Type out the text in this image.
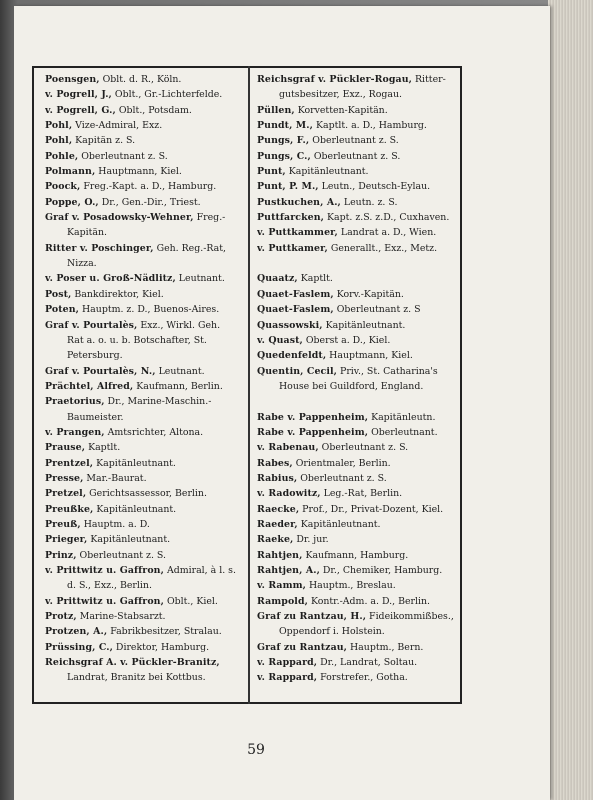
Poensgen, Oblt. d. R., Köln.
v. Pogrell, J., Oblt., Gr.-Lichterfelde.
v. Pogrell, G., Oblt., Potsdam.
Pohl, Vize-Admiral, Exz.
Pohl, Kapitän z. S.
Pohle, Oberleutnant z. S.
Polmann, Hauptmann, Kiel.
Poock, Freg.-Kapt. a. D., Hamburg.
Poppe, O., Dr., Gen.-Dir., Triest.
Graf v. Posadowsky-Wehner, Freg.-
Kapitän.
Ritter v. Poschinger, Geh. Reg.-Rat,
Nizza.
v. Poser u. Groß-Nädlitz, Leutnant.
Post, Bankdirektor, Kiel.
Poten, Hauptm. z. D., Buenos-Aires.
Graf v. Pourtalès, Exz., Wirkl. Geh.
Rat a. o. u. b. Botschafter, St.
Petersburg.
Graf v. Pourtalès, N., Leutnant.
Prächtel, Alfred, Kaufmann, Berlin.
Praetorius, Dr., Marine-Maschin.-
Baumeister.
v. Prangen, Amtsrichter, Altona.
Prause, Kaptlt.
Prentzel, Kapitänleutnant.
Presse, Mar.-Baurat.
Pretzel, Gerichtsassessor, Berlin.
Preußke, Kapitänleutnant.
Preuß, Hauptm. a. D.
Prieger, Kapitänleutnant.
Prinz, Oberleutnant z. S.
v. Prittwitz u. Gaffron, Admiral, à l. s.
d. S., Exz., Berlin.
v. Prittwitz u. Gaffron, Oblt., Kiel.
Protz, Marine-Stabsarzt.
Protzen, A., Fabrikbesitzer, Stralau.
Prüssing, C., Direktor, Hamburg.
Reichsgraf A. v. Pückler-Branitz,
Landrat, Branitz bei Kottbus.
Reichsgraf v. Pückler-Rogau, Ritter-
gutsbesitzer, Exz., Rogau.
Püllen, Korvetten-Kapitän.
Pundt, M., Kaptlt. a. D., Hamburg.
Pungs, F., Oberleutnant z. S.
Pungs, C., Oberleutnant z. S.
Punt, Kapitänleutnant.
Punt, P. M., Leutn., Deutsch-Eylau.
Pustkuchen, A., Leutn. z. S.
Puttfarcken, Kapt. z.S. z.D., Cuxhaven.
v. Puttkammer, Landrat a. D., Wien.
v. Puttkamer, Generallt., Exz., Metz.
Quaatz, Kaptlt.
Quaet-Faslem, Korv.-Kapitän.
Quaet-Faslem, Oberleutnant z. S
Quassowski, Kapitänleutnant.
v. Quast, Oberst a. D., Kiel.
Quedenfeldt, Hauptmann, Kiel.
Quentin, Cecil, Priv., St. Catharina's
House bei Guildford, England.
Rabe v. Pappenheim, Kapitänleutn.
Rabe v. Pappenheim, Oberleutnant.
v. Rabenau, Oberleutnant z. S.
Rabes, Orientmaler, Berlin.
Rabius, Oberleutnant z. S.
v. Radowitz, Leg.-Rat, Berlin.
Raecke, Prof., Dr., Privat-Dozent, Kiel.
Raeder, Kapitänleutnant.
Raeke, Dr. jur.
Rahtjen, Kaufmann, Hamburg.
Rahtjen, A., Dr., Chemiker, Hamburg.
v. Ramm, Hauptm., Breslau.
Rampold, Kontr.-Adm. a. D., Berlin.
Graf zu Rantzau, H., Fideikommißbes.,
Oppendorf i. Holstein.
Graf zu Rantzau, Hauptm., Bern.
v. Rappard, Dr., Landrat, Soltau.
v. Rappard, Forstrefer., Gotha.
59
